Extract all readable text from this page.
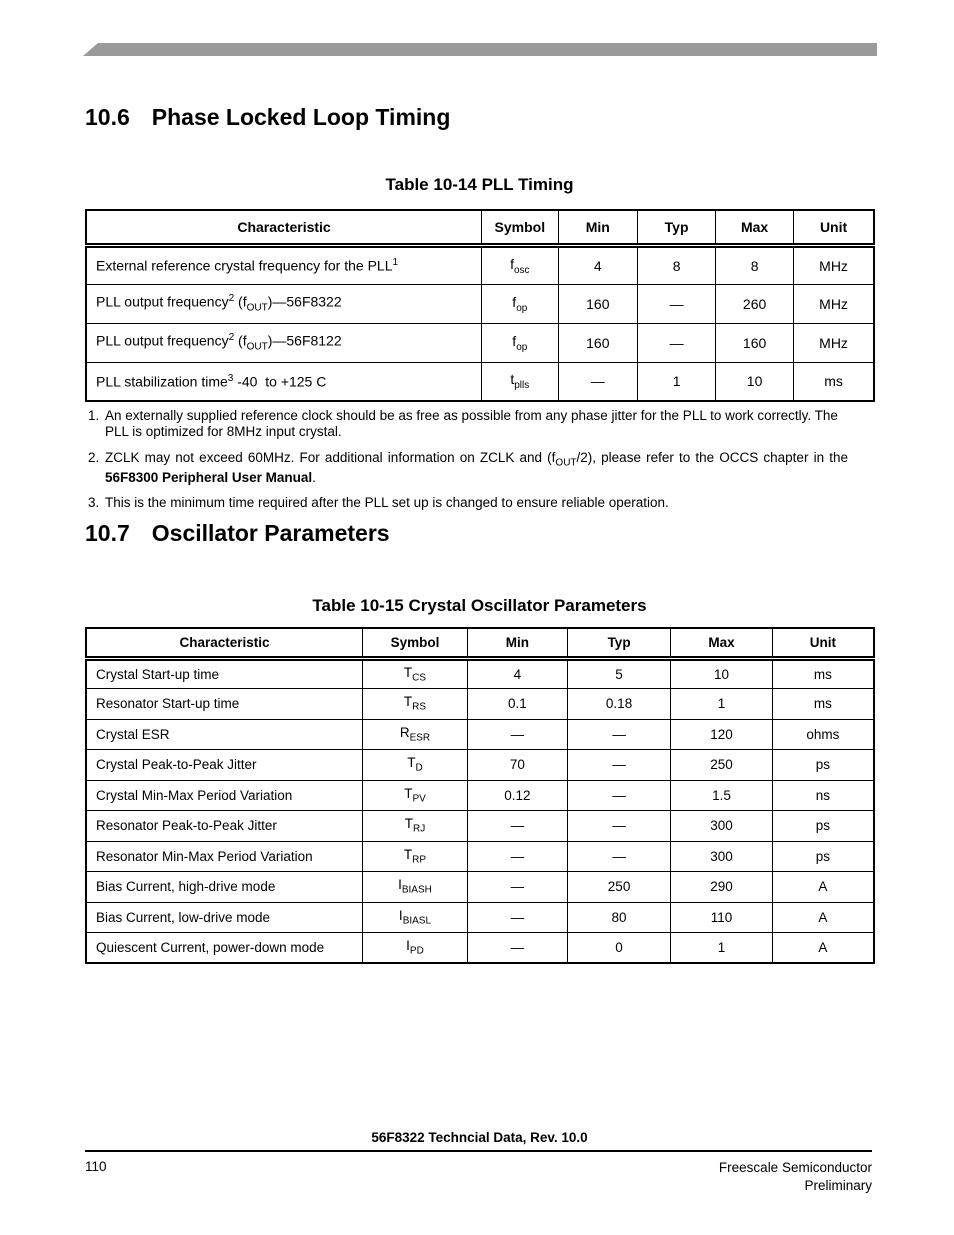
10.6 Phase Locked Loop Timing
Table 10-14 PLL Timing
Characteristic	Symbol	Min	Typ	Max	Unit
External reference crystal frequency for the PLL$^1$	$f_{osc}$	4	8	8	MHz
PLL output frequency$^2$ $(f_{OUT})—56F8322$	$f_{op}$	160	—	260	MHz
PLL output frequency$^2$ $(f_{OUT})—56F8122$	$f_{op}$	160	—	160	MHz
PLL stabilization time$^3$ -40  to +125 C	$t_{plls}$	—	1	10	ms
1. An externally supplied reference clock should be as free as possible from any phase jitter for the PLL to work correctly. The PLL is optimized for 8MHz input crystal.
2. ZCLK may not exceed 60MHz. For additional information on ZCLK and $(f_{OUT}/2)$, please refer to the OCCS chapter in the 56F8300 Peripheral User Manual.
3. This is the minimum time required after the PLL set up is changed to ensure reliable operation.
10.7 Oscillator Parameters
Table 10-15 Crystal Oscillator Parameters
Characteristic	Symbol	Min	Typ	Max	Unit
Crystal Start-up time	$T_{CS}$	4	5	10	ms
Resonator Start-up time	$T_{RS}$	0.1	0.18	1	ms
Crystal ESR	$R_{ESR}$	—	—	120	ohms
Crystal Peak-to-Peak Jitter	$T_D$	70	—	250	ps
Crystal Min-Max Period Variation	$T_{PV}$	0.12	—	1.5	ns
Resonator Peak-to-Peak Jitter	$T_{RJ}$	—	—	300	ps
Resonator Min-Max Period Variation	$T_{RP}$	—	—	300	ps
Bias Current, high-drive mode	$I_{BIASH}$	—	250	290	A
Bias Current, low-drive mode	$I_{BIASL}$	—	80	110	A
Quiescent Current, power-down mode	$I_{PD}$	—	0	1	A
56F8322 Techncial Data, Rev. 10.0
110	Freescale Semiconductor
Preliminary
